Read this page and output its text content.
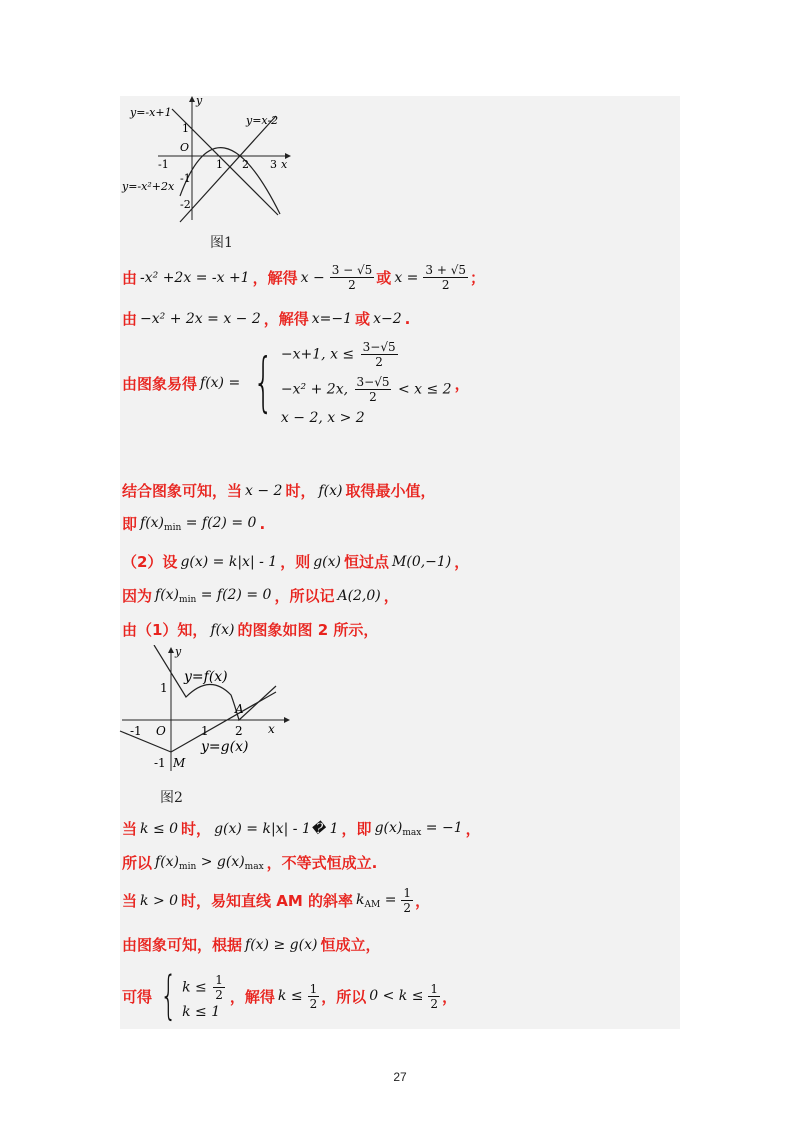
y
x
O
-1	1 2 3
1
-1
-2
y=-x+1
y=x-2
y=-x²+2x
图1
由 -x² +2x = -x +1 ，解得 $x - \frac{3 - √5}{2}$ 或 $x = \frac{3 + √5}{2}$ ；
由 −x² + 2x = x − 2 ，解得 x=−1 或 x−2 .
由图象易得 f(x) = { −x+1, $x \le \frac{3-√5}{2}$
−x² + 2x, $\frac{3-√5}{2} < x \le 2$
x − 2, x > 2
，
结合图象可知，当 x − 2 时， f(x) 取得最小值，
即 $f(x)_{min} = f(2) = 0$ .
（2）设 g(x) = k|x| - 1 ，则 g(x) 恒过点 M(0,−1) ，
因为 $f(x)_{min} = f(2) = 0$ ，所以记 A(2,0) ，
由（1）知， f(x) 的图象如图 2 所示，
y
x
O
-1	1 2
1
-1
A
M
y=f(x)
y=g(x)
图2
当 k ≤ 0 时， g(x) = k|x| - 1� 1 ，即 $g(x)_{max} = -1$ ，
所以 $f(x)_{min} > g(x)_{max}$ ，不等式恒成立.
当 k > 0 时，易知直线 AM 的斜率 $k_{AM} = \frac{1}{2}$ ，
由图象可知，根据 f(x) ≥ g(x) 恒成立，
可得 { $k \le \frac{1}{2}$
k ≤ 1
，解得 $k \le \frac{1}{2}$ ，所以 $0 < k \le \frac{1}{2}$ ，
27
